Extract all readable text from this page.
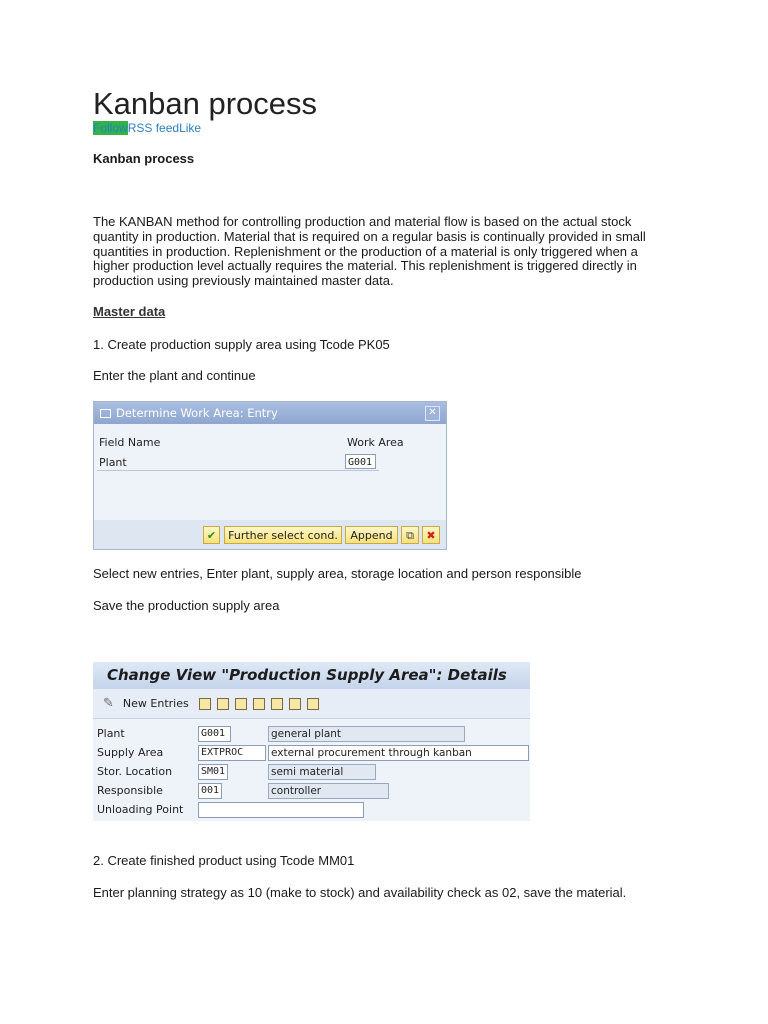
Kanban process
FollowRSS feedLike
Kanban process
The KANBAN method for controlling production and material flow is based on the actual stock
quantity in production. Material that is required on a regular basis is continually provided in small
quantities in production. Replenishment or the production of a material is only triggered when a
higher production level actually requires the material. This replenishment is triggered directly in
production using previously maintained master data.
Master data
1. Create production supply area using Tcode PK05
Enter the plant and continue
Determine Work Area: Entry	✕
Field Name	Work Area
Plant	G001
✔	Further select cond.	Append	⧉	✖
Select new entries, Enter plant, supply area, storage location and person responsible
Save the production supply area
Change View "Production Supply Area": Details
✎ New Entries
Plant	G001	general plant
Supply Area	EXTPROC	external procurement through kanban
Stor. Location	SM01	semi material
Responsible	001	controller
Unloading Point
2. Create finished product using Tcode MM01
Enter planning strategy as 10 (make to stock) and availability check as 02, save the material.
